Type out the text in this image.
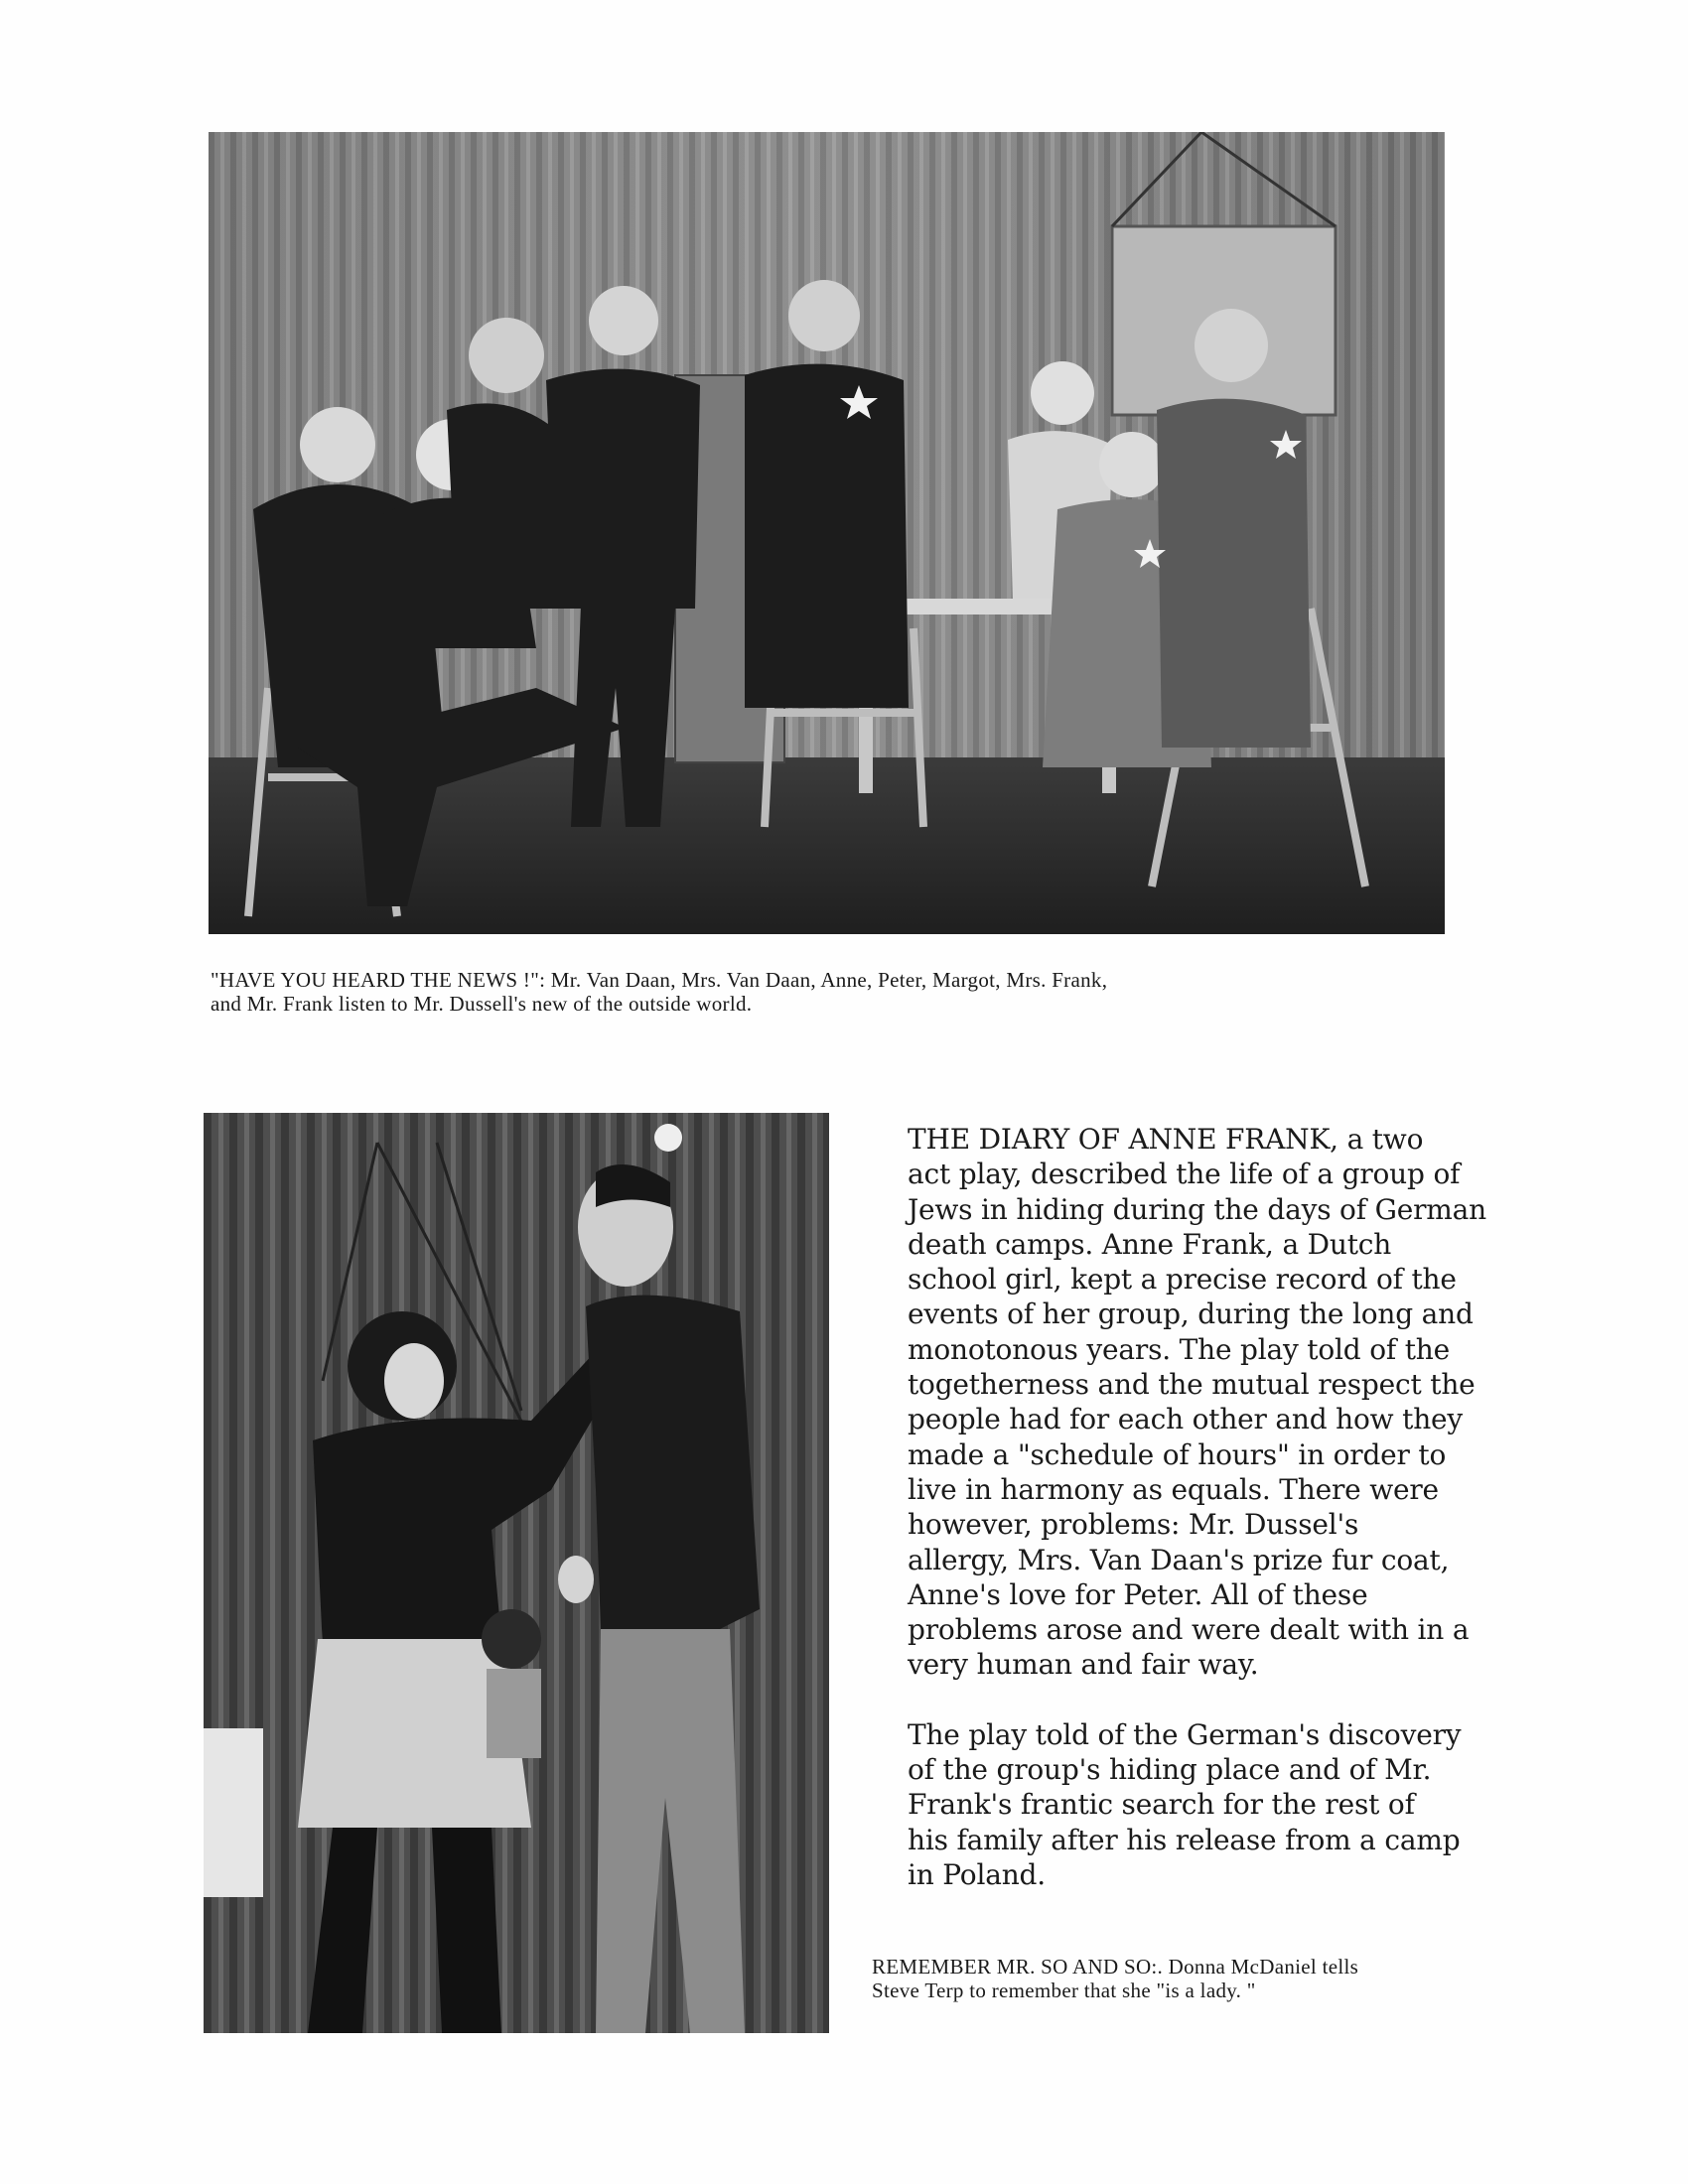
"HAVE YOU HEARD THE NEWS !": Mr. Van Daan, Mrs. Van Daan, Anne, Peter, Margot, Mrs. Frank,
and Mr. Frank listen to Mr. Dussell's new of the outside world.

THE DIARY OF ANNE FRANK, a two
act play, described the life of a group of
Jews in hiding during the days of German
death camps. Anne Frank, a Dutch
school girl, kept a precise record of the
events of her group, during the long and
monotonous years. The play told of the
togetherness and the mutual respect the
people had for each other and how they
made a "schedule of hours" in order to
live in harmony as equals. There were
however, problems: Mr. Dussel's
allergy, Mrs. Van Daan's prize fur coat,
Anne's love for Peter. All of these
problems arose and were dealt with in a
very human and fair way.

The play told of the German's discovery
of the group's hiding place and of Mr.
Frank's frantic search for the rest of
his family after his release from a camp
in Poland.

REMEMBER MR. SO AND SO:. Donna McDaniel tells
Steve Terp to remember that she "is a lady. "
